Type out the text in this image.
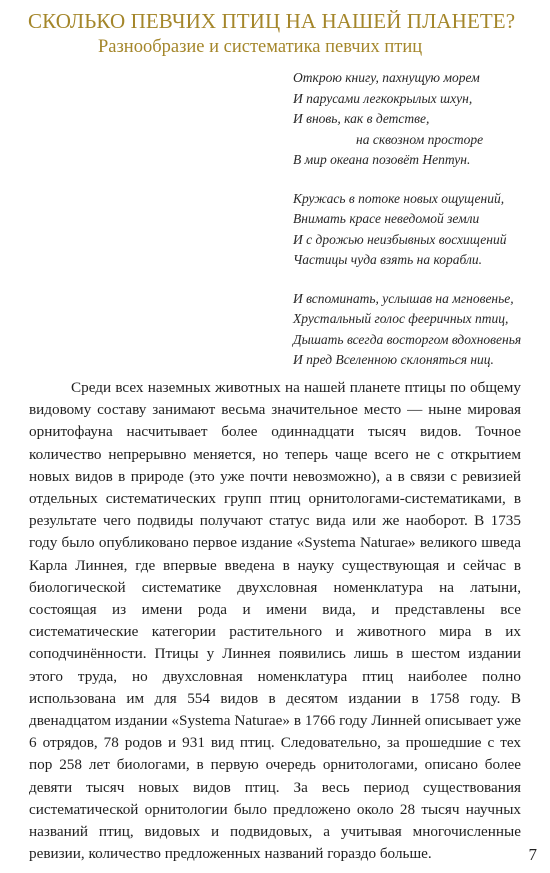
СКОЛЬКО ПЕВЧИХ ПТИЦ НА НАШЕЙ ПЛАНЕТЕ?
Разнообразие и систематика певчих птиц
Открою книгу, пахнущую морем
И парусами легкокрылых шхун,
И вновь, как в детстве,
на сквозном просторе
В мир океана позовёт Нептун.
Кружась в потоке новых ощущений,
Внимать красе неведомой земли
И с дрожью неизбывных восхищений
Частицы чуда взять на корабли.
И вспоминать, услышав на мгновенье,
Хрустальный голос фееричных птиц,
Дышать всегда восторгом вдохновенья
И пред Вселенною склоняться ниц.

Среди всех наземных животных на нашей планете птицы по общему видовому составу занимают весьма значительное место — ныне мировая орнитофауна насчитывает более одиннадцати тысяч видов. Точное количество непрерывно меняется, но теперь чаще всего не с открытием новых видов в природе (это уже почти невозможно), а в связи с ревизией отдельных систематических групп птиц орнитологами-систематиками, в результате чего подвиды получают статус вида или же наоборот. В 1735 году было опубликовано первое издание «Systema Naturae» великого шведа Карла Линнея, где впервые введена в науку существующая и сейчас в биологической систематике двухсловная номенклатура на латыни, состоящая из имени рода и имени вида, и представлены все систематические категории растительного и животного мира в их соподчинённости. Птицы у Линнея появились лишь в шестом издании этого труда, но двухсловная номенклатура птиц наиболее полно использована им для 554 видов в десятом издании в 1758 году. В двенадцатом издании «Systema Naturae» в 1766 году Линней описывает уже 6 отрядов, 78 родов и 931 вид птиц. Следовательно, за прошедшие с тех пор 258 лет биологами, в первую очередь орнитологами, описано более девяти тысяч новых видов птиц. За весь период существования систематической орнитологии было предложено около 28 тысяч научных названий птиц, видовых и подвидовых, а учитывая многочисленные ревизии, количество предложенных названий гораздо больше.	7
